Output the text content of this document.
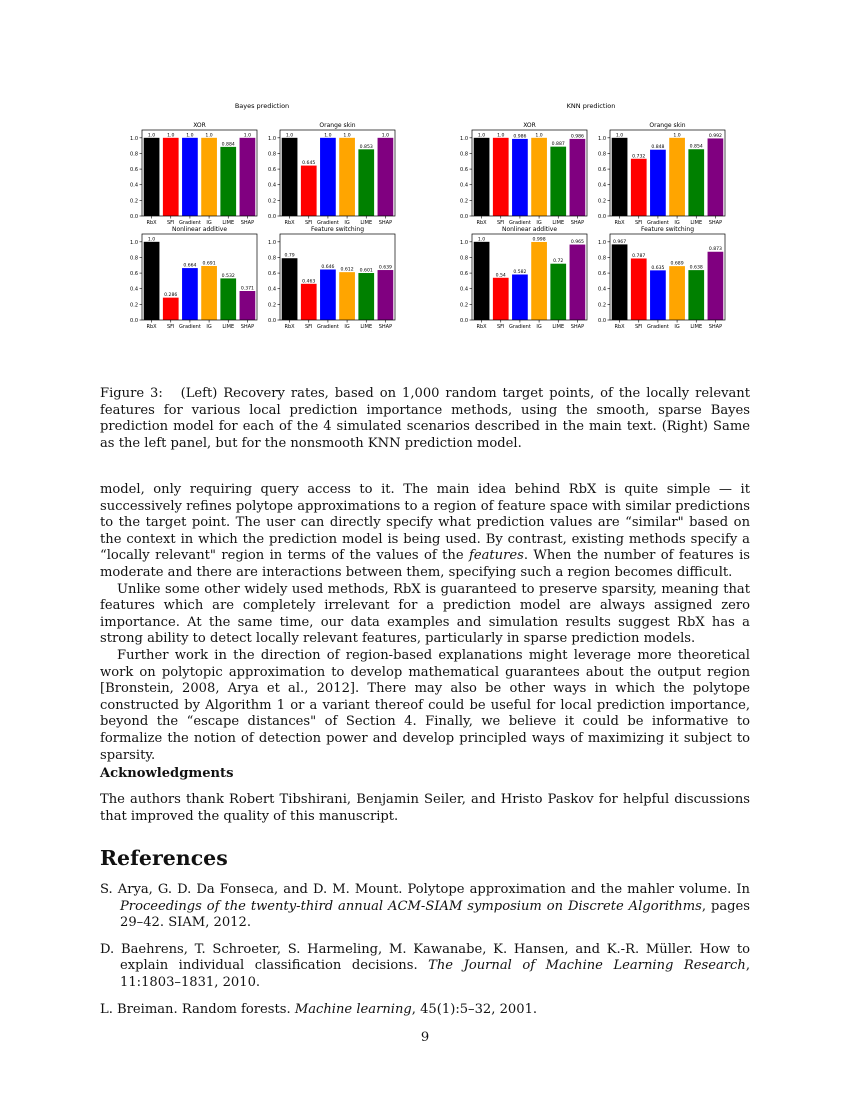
Bayes prediction	KNN prediction
XOR
0.0
0.2
0.4
0.6
0.8
1.0 1.0
RbX
1.0
SFI
1.0
Gradient
1.0
IG
0.884
LIME
1.0
SHAP
Orange skin
0.0
0.2
0.4
0.6
0.8
1.0 1.0
RbX
0.645
SFI
1.0
Gradient
1.0
IG
0.853
LIME
1.0
SHAP
Nonlinear additive
0.0
0.2
0.4
0.6
0.8
1.0 1.0
RbX
0.286
SFI
0.664
Gradient
0.691
IG
0.532
LIME
0.371
SHAP
Feature switching
0.0
0.2
0.4
0.6
0.8
1.0
0.79
RbX
0.463
SFI
0.646
Gradient
0.612
IG
0.601
LIME
0.639
SHAP
XOR
0.0
0.2
0.4
0.6
0.8
1.0 1.0
RbX
1.0
SFI
0.986
Gradient
1.0
IG
0.887
LIME
0.986
SHAP
Orange skin
0.0
0.2
0.4
0.6
0.8
1.0 1.0
RbX
0.732
SFI
0.848
Gradient
1.0
IG
0.854
LIME
0.992
SHAP
Nonlinear additive
0.0
0.2
0.4
0.6
0.8
1.0 1.0
RbX
0.54
SFI
0.582
Gradient
0.998
IG
0.72
LIME
0.965
SHAP
Feature switching
0.0
0.2
0.4
0.6
0.8
1.0 0.967
RbX
0.787
SFI
0.635
Gradient
0.689
IG
0.638
LIME
0.873
SHAP

Figure 3: (Left) Recovery rates, based on 1,000 random target points, of the locally relevant features for various local prediction importance methods, using the smooth, sparse Bayes prediction model for each of the 4 simulated scenarios described in the main text. (Right) Same as the left panel, but for the nonsmooth KNN prediction model.

model, only requiring query access to it. The main idea behind RbX is quite simple — it successively refines polytope approximations to a region of feature space with similar predictions to the target point. The user can directly specify what prediction values are “similar" based on the context in which the prediction model is being used. By contrast, existing methods specify a “locally relevant" region in terms of the values of the features. When the number of features is moderate and there are interactions between them, specifying such a region becomes difficult.

Unlike some other widely used methods, RbX is guaranteed to preserve sparsity, meaning that features which are completely irrelevant for a prediction model are always assigned zero importance. At the same time, our data examples and simulation results suggest RbX has a strong ability to detect locally relevant features, particularly in sparse prediction models.

Further work in the direction of region-based explanations might leverage more theoretical work on polytopic approximation to develop mathematical guarantees about the output region [Bronstein, 2008, Arya et al., 2012]. There may also be other ways in which the polytope constructed by Algorithm 1 or a variant thereof could be useful for local prediction importance, beyond the “escape distances" of Section 4. Finally, we believe it could be informative to formalize the notion of detection power and develop principled ways of maximizing it subject to sparsity.

Acknowledgments

The authors thank Robert Tibshirani, Benjamin Seiler, and Hristo Paskov for helpful discussions that improved the quality of this manuscript.

References
S. Arya, G. D. Da Fonseca, and D. M. Mount. Polytope approximation and the mahler volume. In Proceedings of the twenty-third annual ACM-SIAM symposium on Discrete Algorithms, pages 29–42. SIAM, 2012.
D. Baehrens, T. Schroeter, S. Harmeling, M. Kawanabe, K. Hansen, and K.-R. Müller. How to explain individual classification decisions. The Journal of Machine Learning Research, 11:1803–1831, 2010.
L. Breiman. Random forests. Machine learning, 45(1):5–32, 2001.
9
